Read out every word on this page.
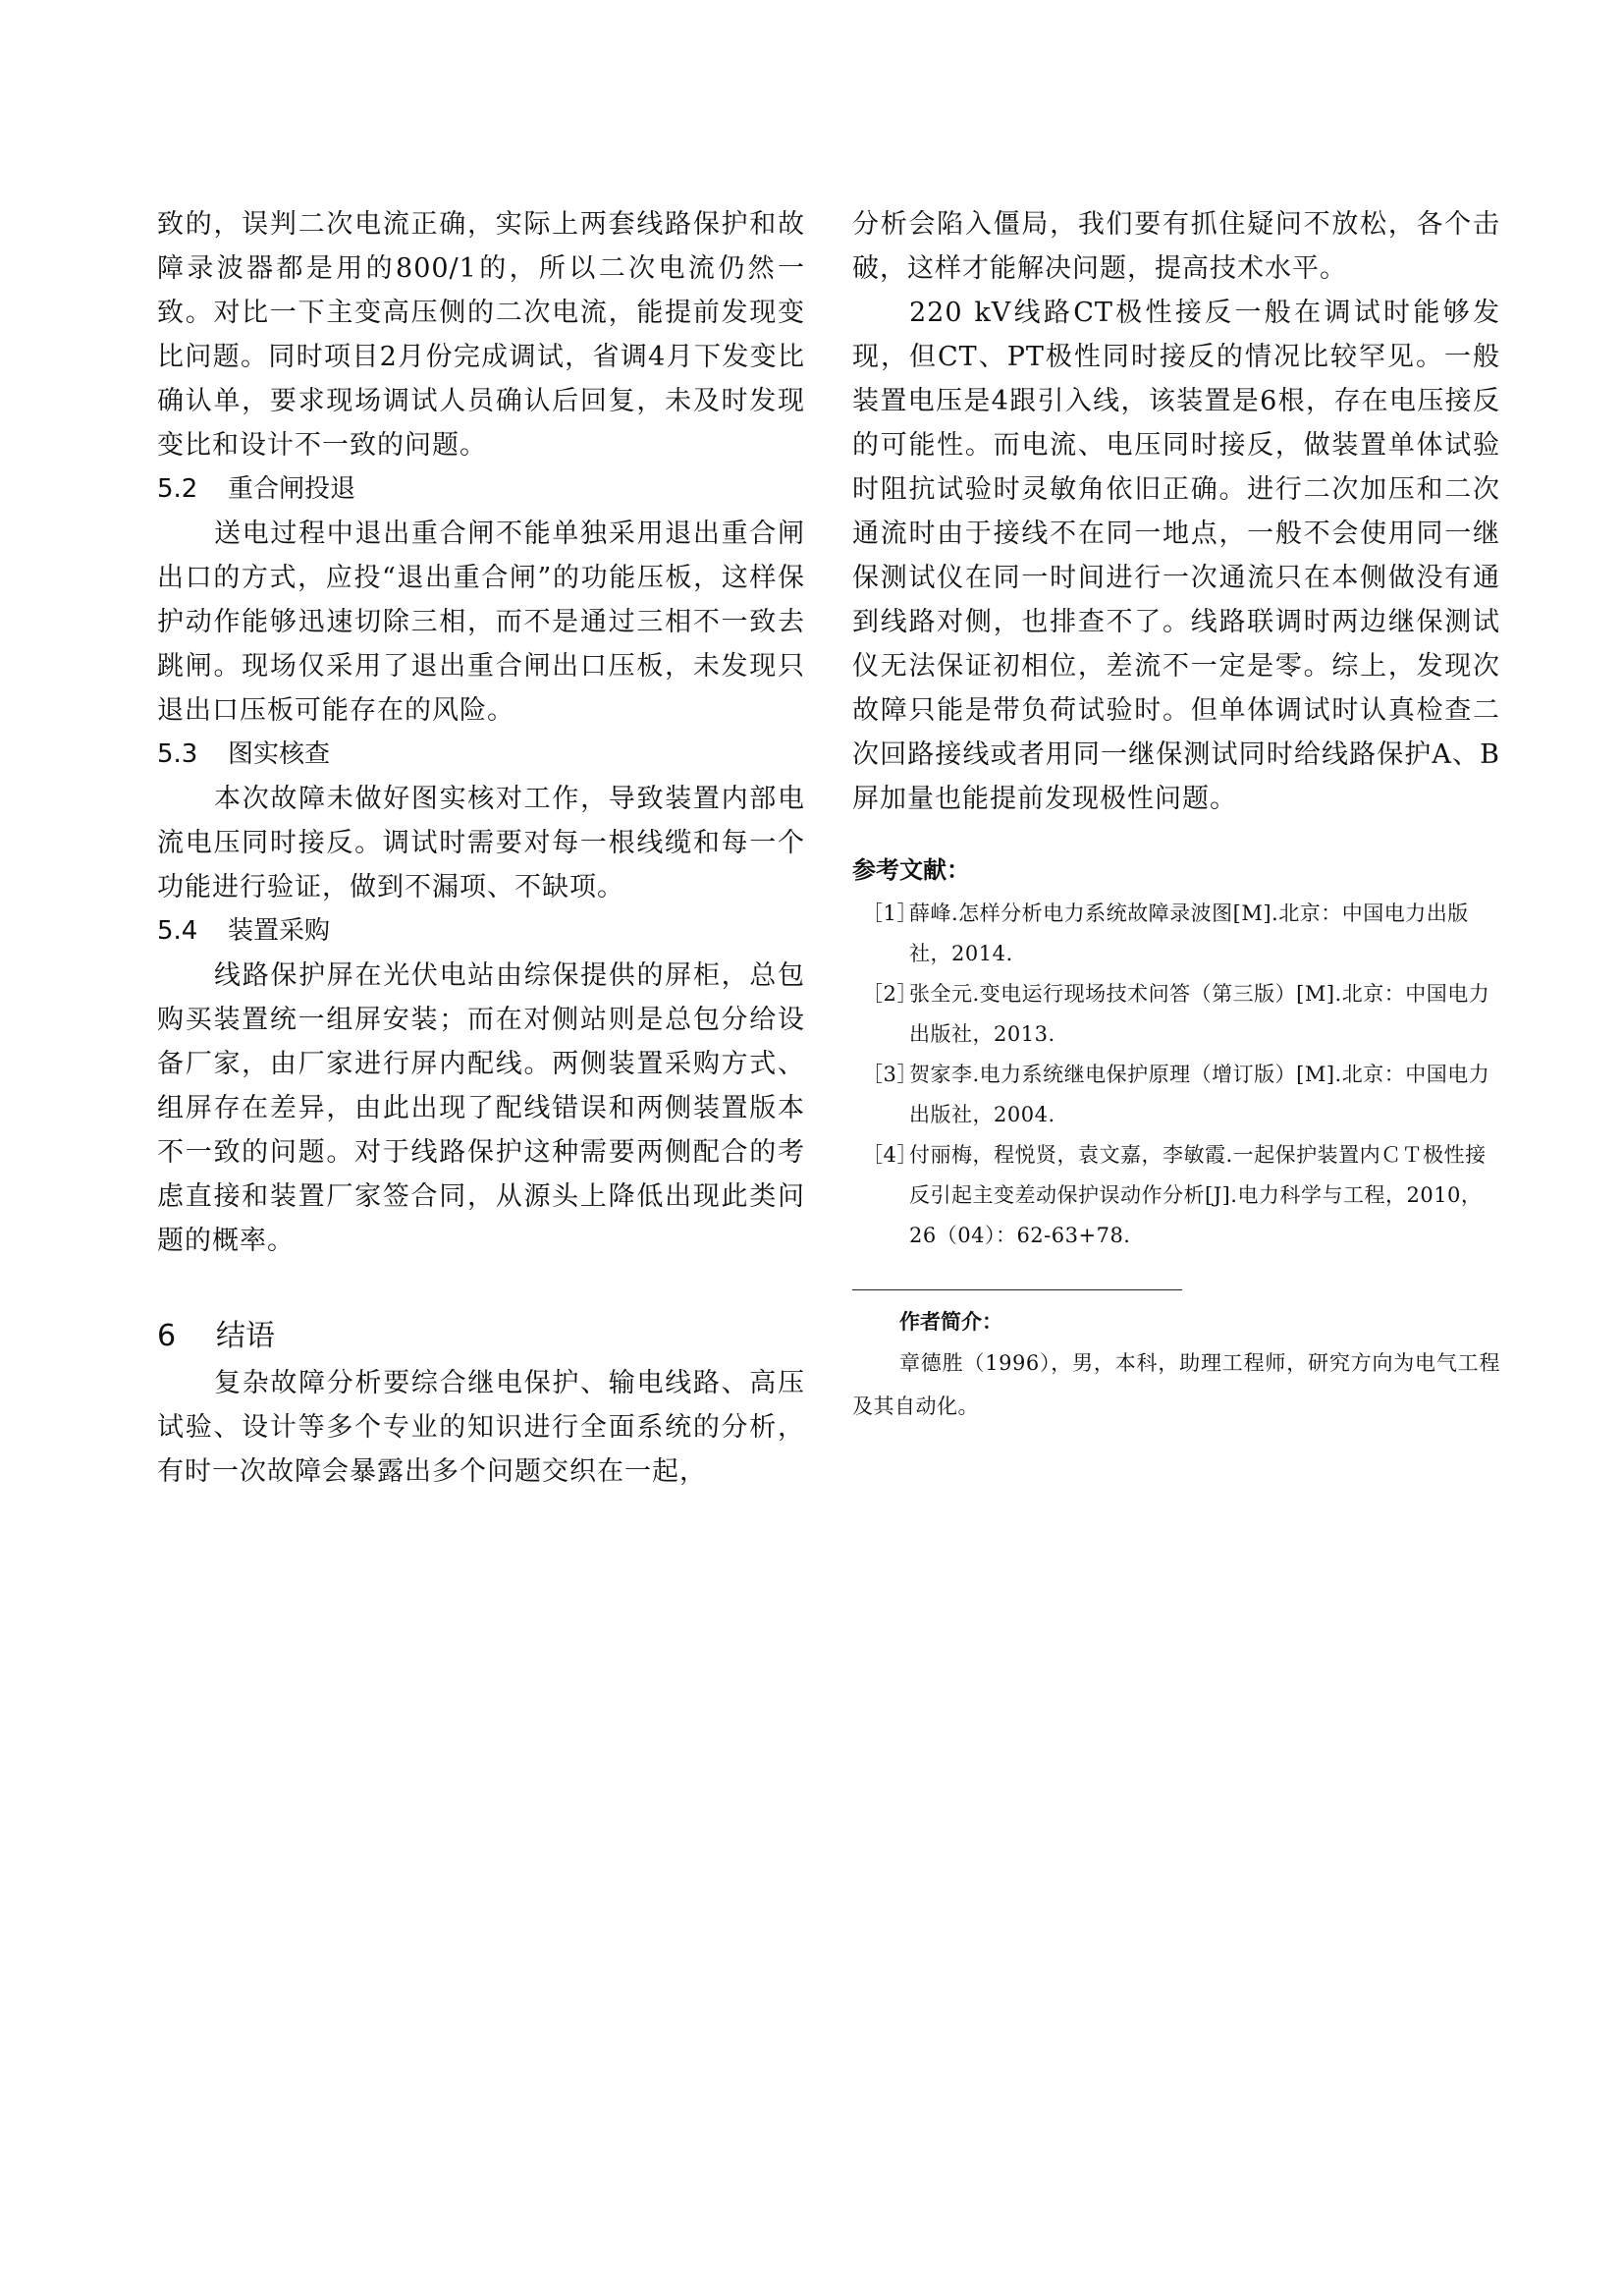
致的，误判二次电流正确，实际上两套线路保护和故障录波器都是用的800/1的，所以二次电流仍然一致。对比一下主变高压侧的二次电流，能提前发现变比问题。同时项目2月份完成调试，省调4月下发变比确认单，要求现场调试人员确认后回复，未及时发现变比和设计不一致的问题。

5.2 重合闸投退

送电过程中退出重合闸不能单独采用退出重合闸出口的方式，应投“退出重合闸”的功能压板，这样保护动作能够迅速切除三相，而不是通过三相不一致去跳闸。现场仅采用了退出重合闸出口压板，未发现只退出口压板可能存在的风险。

5.3 图实核查

本次故障未做好图实核对工作，导致装置内部电流电压同时接反。调试时需要对每一根线缆和每一个功能进行验证，做到不漏项、不缺项。

5.4 装置采购

线路保护屏在光伏电站由综保提供的屏柜，总包购买装置统一组屏安装；而在对侧站则是总包分给设备厂家，由厂家进行屏内配线。两侧装置采购方式、组屏存在差异，由此出现了配线错误和两侧装置版本不一致的问题。对于线路保护这种需要两侧配合的考虑直接和装置厂家签合同，从源头上降低出现此类问题的概率。

6 结语

复杂故障分析要综合继电保护、输电线路、高压试验、设计等多个专业的知识进行全面系统的分析，有时一次故障会暴露出多个问题交织在一起，

分析会陷入僵局，我们要有抓住疑问不放松，各个击破，这样才能解决问题，提高技术水平。

220 kV线路CT极性接反一般在调试时能够发现，但CT、PT极性同时接反的情况比较罕见。一般装置电压是4跟引入线，该装置是6根，存在电压接反的可能性。而电流、电压同时接反，做装置单体试验时阻抗试验时灵敏角依旧正确。进行二次加压和二次通流时由于接线不在同一地点，一般不会使用同一继保测试仪在同一时间进行一次通流只在本侧做没有通到线路对侧，也排查不了。线路联调时两边继保测试仪无法保证初相位，差流不一定是零。综上，发现次故障只能是带负荷试验时。但单体调试时认真检查二次回路接线或者用同一继保测试同时给线路保护A、B屏加量也能提前发现极性问题。

参考文献：

［1］
薛峰.怎样分析电力系统故障录波图[M].北京：中国电力出版社，2014.

［2］
张全元.变电运行现场技术问答（第三版）[M].北京：中国电力出版社，2013.

［3］
贺家李.电力系统继电保护原理（增订版）[M].北京：中国电力出版社，2004.

［4］
付丽梅，程悦贤，袁文嘉，李敏霞.一起保护装置内ＣＴ极性接反引起主变差动保护误动作分析[J].电力科学与工程，2010，26（04）：62-63+78.

作者简介：

章德胜（1996），男，本科，助理工程师，研究方向为电气工程及其自动化。
